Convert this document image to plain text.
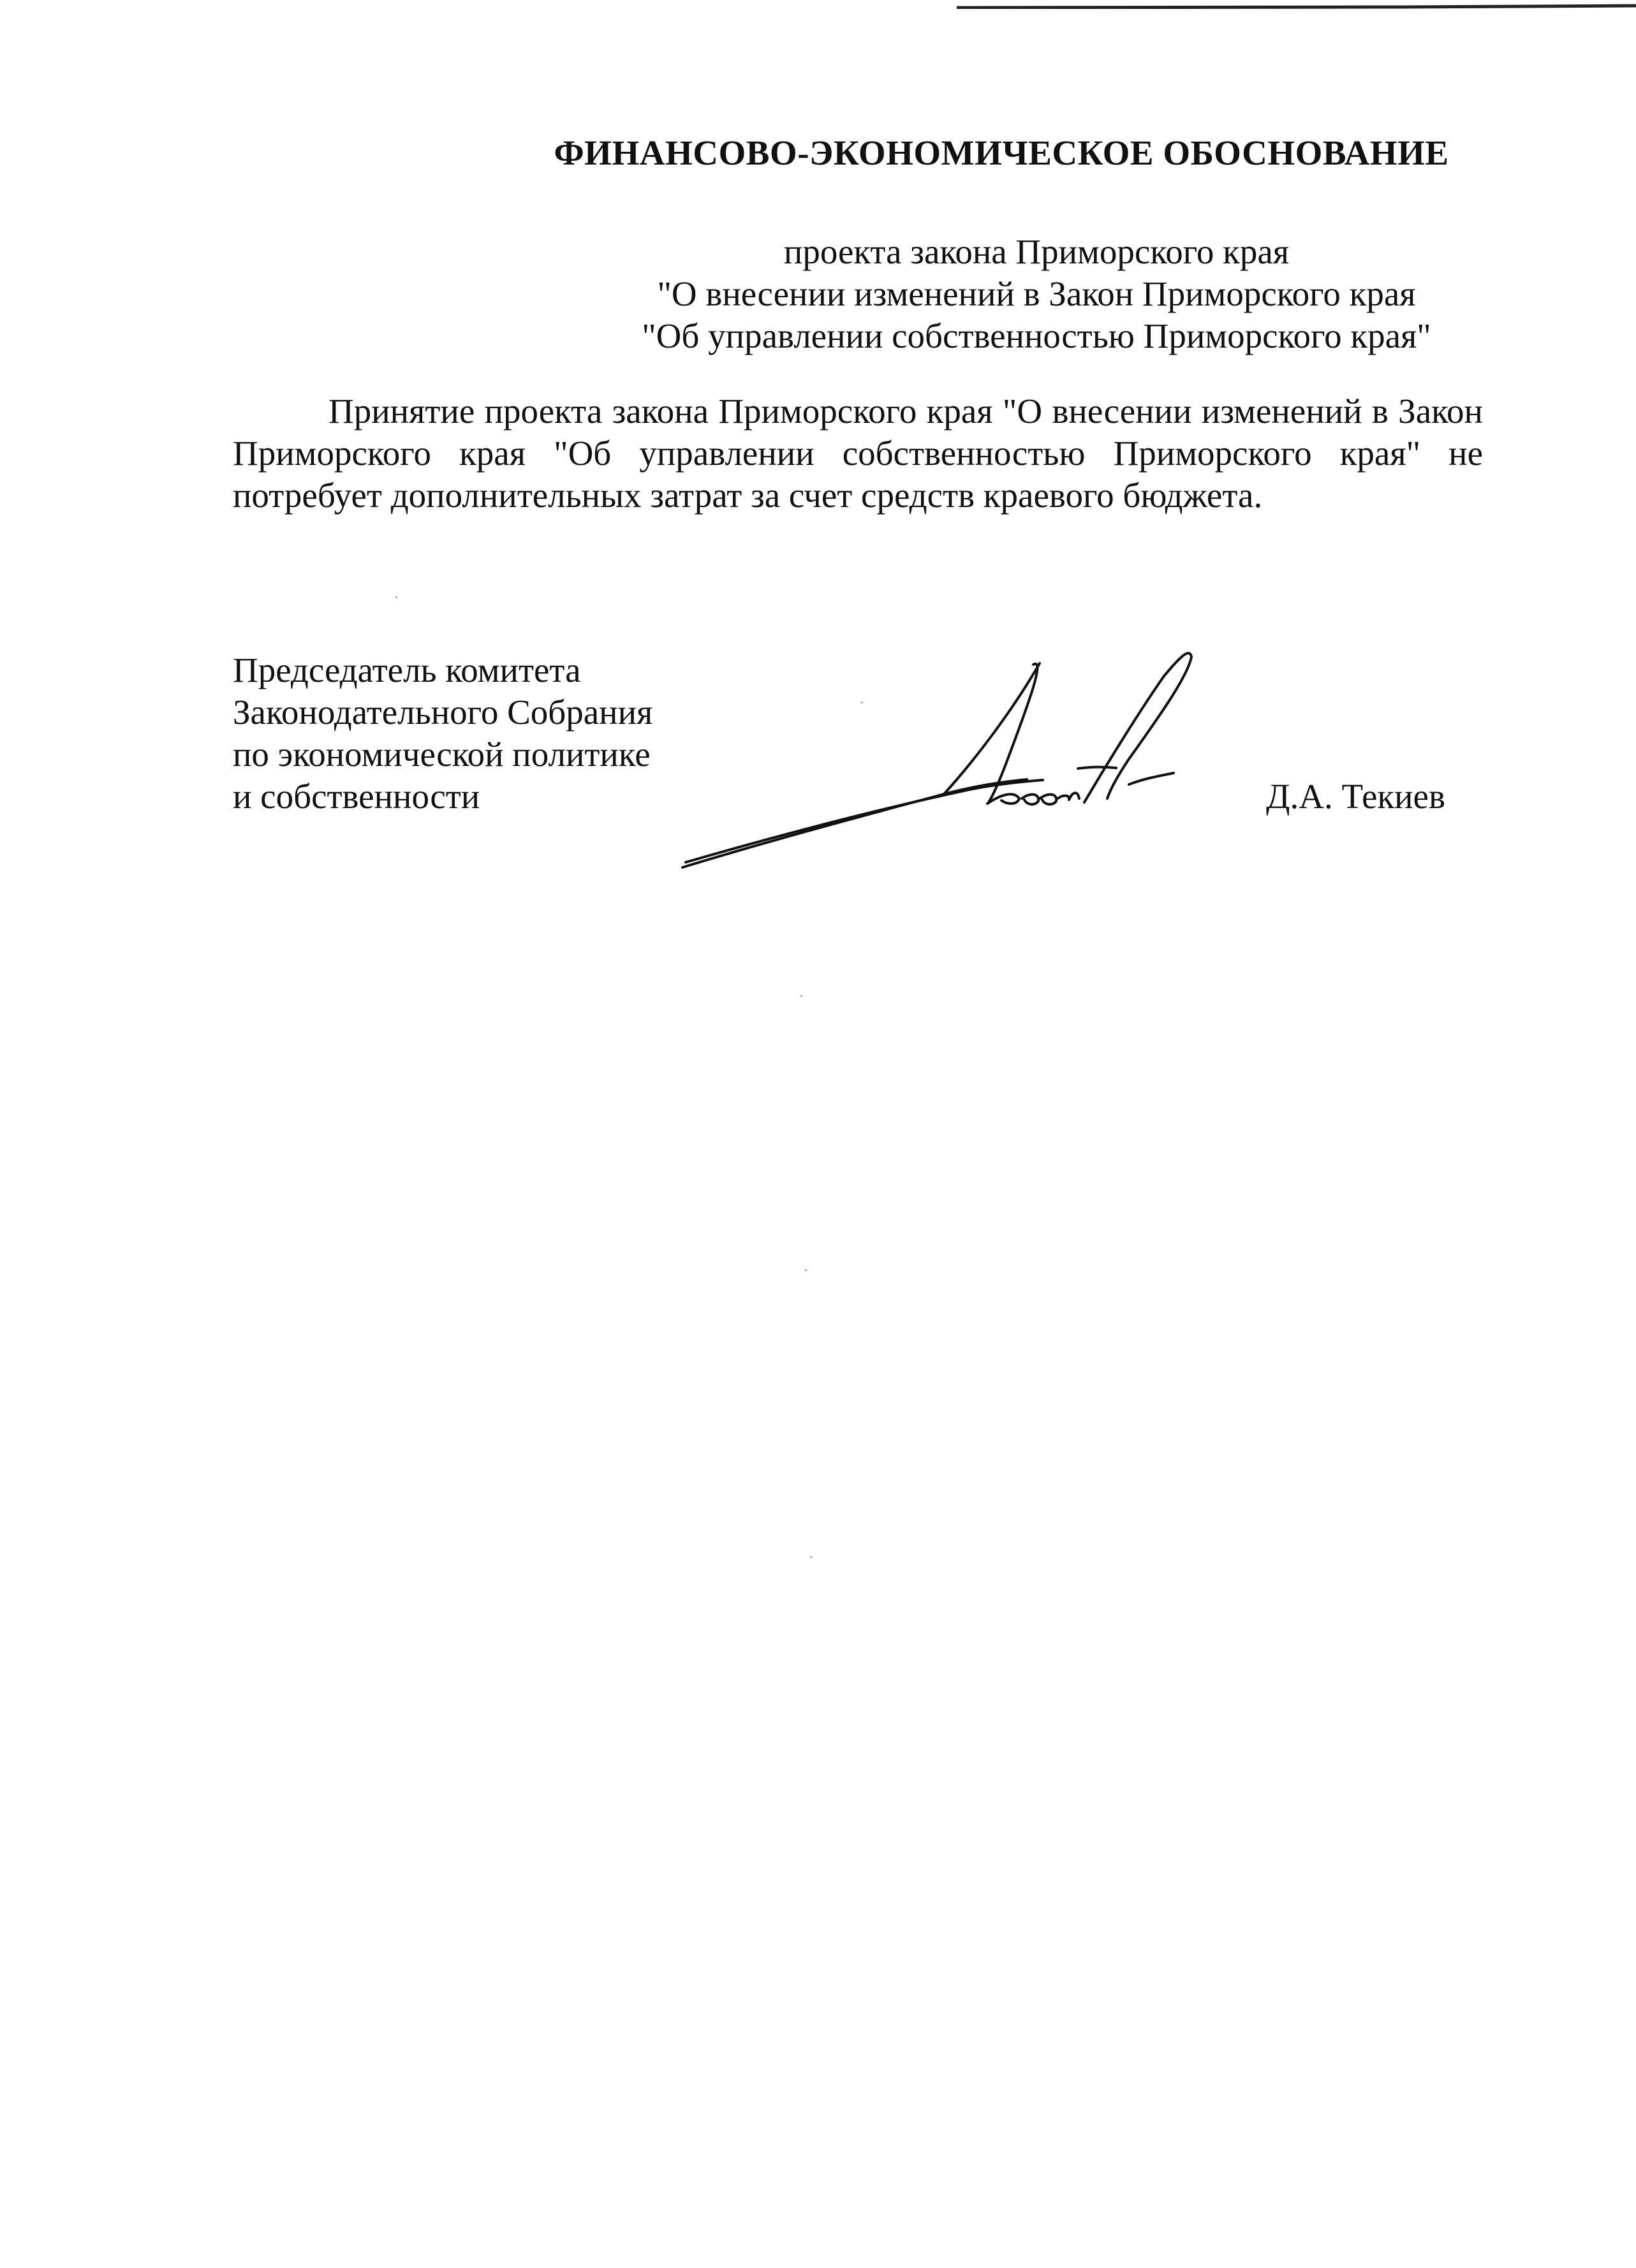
ФИНАНСОВО-ЭКОНОМИЧЕСКОЕ ОБОСНОВАНИЕ
проекта закона Приморского края
"О внесении изменений в Закон Приморского края
"Об управлении собственностью Приморского края"
Принятие проекта закона Приморского края "О внесении изменений в Закон Приморского края "Об управлении собственностью Приморского края" не потребует дополнительных затрат за счет средств краевого бюджета.
Председатель комитета
Законодательного Собрания
по экономической политике
и собственности	Д.А. Текиев
